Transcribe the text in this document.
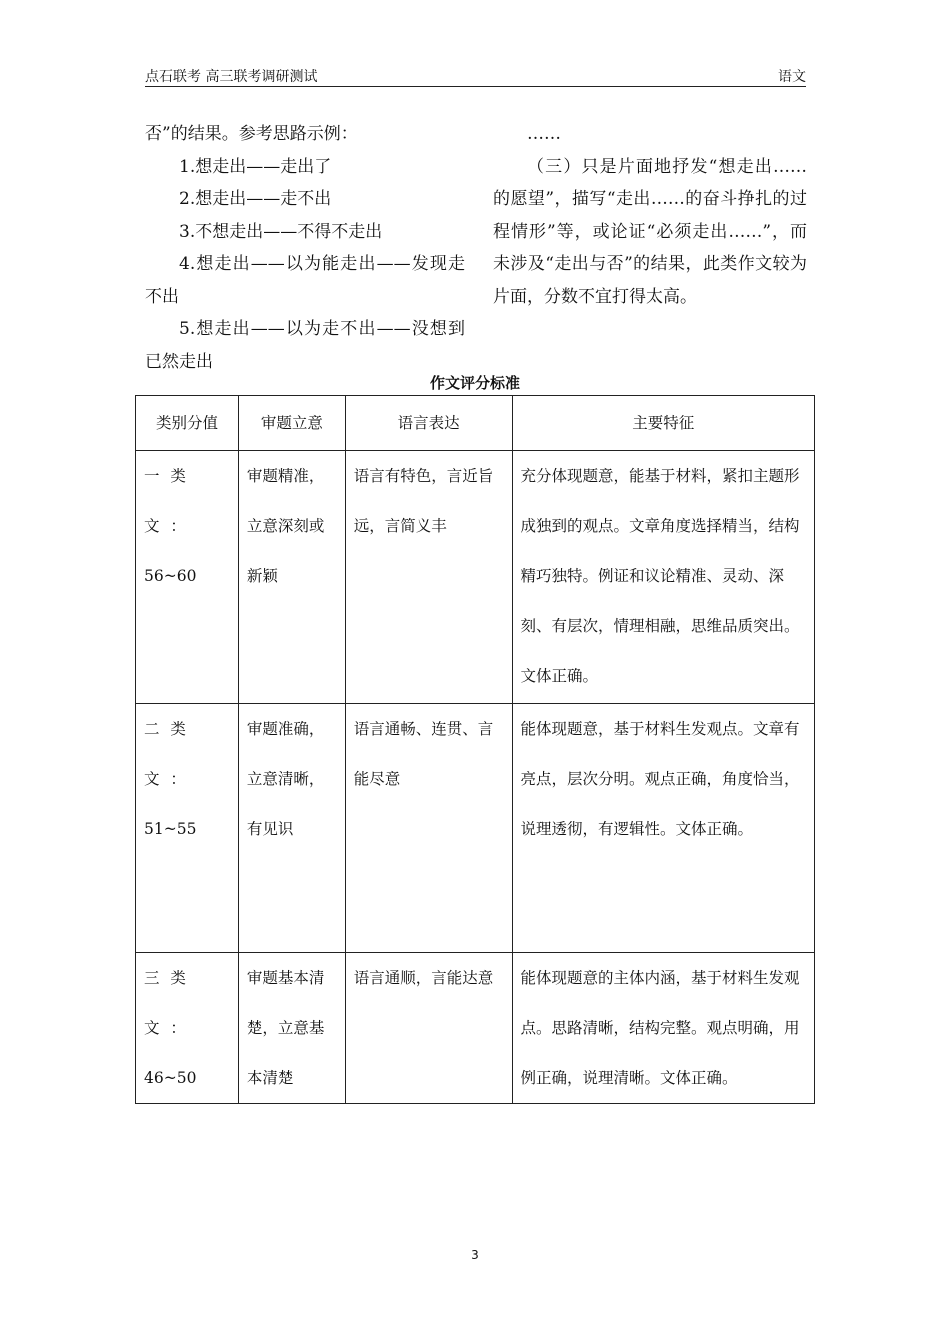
点石联考 高三联考调研测试	语文

否”的结果。参考思路示例：

1.想走出——走出了

2.想走出——走不出

3.不想走出——不得不走出

4.想走出——以为能走出——发现走不出

5.想走出——以为走不出——没想到已然走出

……

（三）只是片面地抒发“想走出……的愿望”，描写“走出……的奋斗挣扎的过程情形”等，或论证“必须走出……”，而未涉及“走出与否”的结果，此类作文较为片面，分数不宜打得太高。

作文评分标准
类别分值	审题立意	语言表达	主要特征

一类文：
56~60	审题精准，立意深刻或新颖	语言有特色，言近旨远，言简义丰	充分体现题意，能基于材料，紧扣主题形成独到的观点。文章角度选择精当，结构精巧独特。例证和议论精准、灵动、深刻、有层次，情理相融，思维品质突出。文体正确。

二类文：
51~55	审题准确，立意清晰，有见识	语言通畅、连贯、言能尽意	能体现题意，基于材料生发观点。文章有亮点，层次分明。观点正确，角度恰当，说理透彻，有逻辑性。文体正确。

三类文：
46~50	审题基本清楚，立意基本清楚	语言通顺，言能达意	能体现题意的主体内涵，基于材料生发观点。思路清晰，结构完整。观点明确，用例正确，说理清晰。文体正确。
3
